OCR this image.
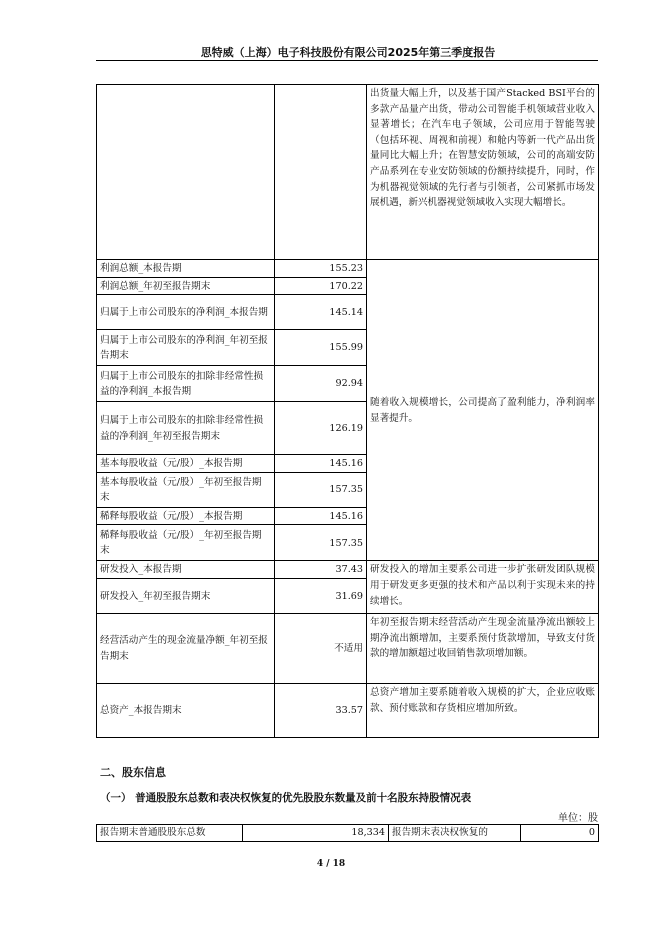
思特威（上海）电子科技股份有限公司2025年第三季度报告
		出货量大幅上升，以及基于国产Stacked BSI平台的多款产品量产出货，带动公司智能手机领域营业收入显著增长；在汽车电子领域，公司应用于智能驾驶（包括环视、周视和前视）和舱内等新一代产品出货量同比大幅上升；在智慧安防领域，公司的高端安防产品系列在专业安防领域的份额持续提升，同时，作为机器视觉领域的先行者与引领者，公司紧抓市场发展机遇，新兴机器视觉领域收入实现大幅增长。
利润总额_本报告期	155.23	随着收入规模增长，公司提高了盈利能力，净利润率显著提升。
利润总额_年初至报告期末	170.22	
归属于上市公司股东的净利润_本报告期	145.14	
归属于上市公司股东的净利润_年初至报告期末	155.99	
归属于上市公司股东的扣除非经常性损益的净利润_本报告期	92.94	
归属于上市公司股东的扣除非经常性损益的净利润_年初至报告期末	126.19	
基本每股收益（元/股）_本报告期	145.16	
基本每股收益（元/股）_年初至报告期末	157.35	
稀释每股收益（元/股）_本报告期	145.16	
稀释每股收益（元/股）_年初至报告期末	157.35	
研发投入_本报告期	37.43	研发投入的增加主要系公司进一步扩张研发团队规模用于研发更多更强的技术和产品以利于实现未来的持续增长。
研发投入_年初至报告期末	31.69	
经营活动产生的现金流量净额_年初至报告期末	不适用	年初至报告期末经营活动产生现金流量净流出额较上期净流出额增加，主要系预付货款增加，导致支付货款的增加额超过收回销售款项增加额。
总资产_本报告期末	33.57	总资产增加主要系随着收入规模的扩大，企业应收账款、预付账款和存货相应增加所致。
二、股东信息
（一） 普通股股东总数和表决权恢复的优先股股东数量及前十名股东持股情况表
单位：股
报告期末普通股股东总数	18,334	报告期末表决权恢复的	0
4 / 18
